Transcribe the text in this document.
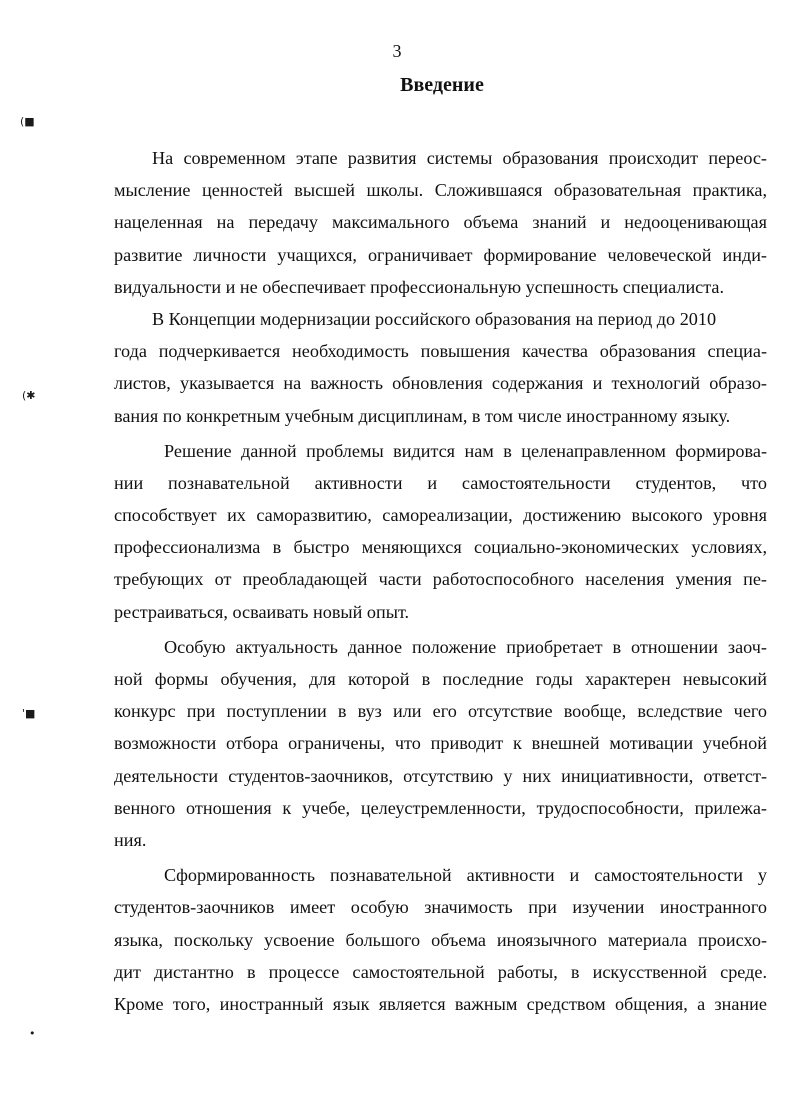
3
Введение
(■
(✱
'■
•
На современном этапе развития системы образования происходит переос-
мысление ценностей высшей школы. Сложившаяся образовательная практика,
нацеленная на передачу максимального объема знаний и недооценивающая
развитие личности учащихся, ограничивает формирование человеческой инди-
видуальности и не обеспечивает профессиональную успешность специалиста.
В Концепции модернизации российского образования на период до 2010
года подчеркивается необходимость повышения качества образования специа-
листов, указывается на важность обновления содержания и технологий образо-
вания по конкретным учебным дисциплинам, в том числе иностранному языку.
Решение данной проблемы видится нам в целенаправленном формирова-
нии познавательной активности и самостоятельности студентов, что
способствует их саморазвитию, самореализации, достижению высокого уровня
профессионализма в быстро меняющихся социально-экономических условиях,
требующих от преобладающей части работоспособного населения умения пе-
рестраиваться, осваивать новый опыт.
Особую актуальность данное положение приобретает в отношении заоч-
ной формы обучения, для которой в последние годы характерен невысокий
конкурс при поступлении в вуз или его отсутствие вообще, вследствие чего
возможности отбора ограничены, что приводит к внешней мотивации учебной
деятельности студентов-заочников, отсутствию у них инициативности, ответст-
венного отношения к учебе, целеустремленности, трудоспособности, прилежа-
ния.
Сформированность познавательной активности и самостоятельности у
студентов-заочников имеет особую значимость при изучении иностранного
языка, поскольку усвоение большого объема иноязычного материала происхо-
дит дистантно в процессе самостоятельной работы, в искусственной среде.
Кроме того, иностранный язык является важным средством общения, а знание
